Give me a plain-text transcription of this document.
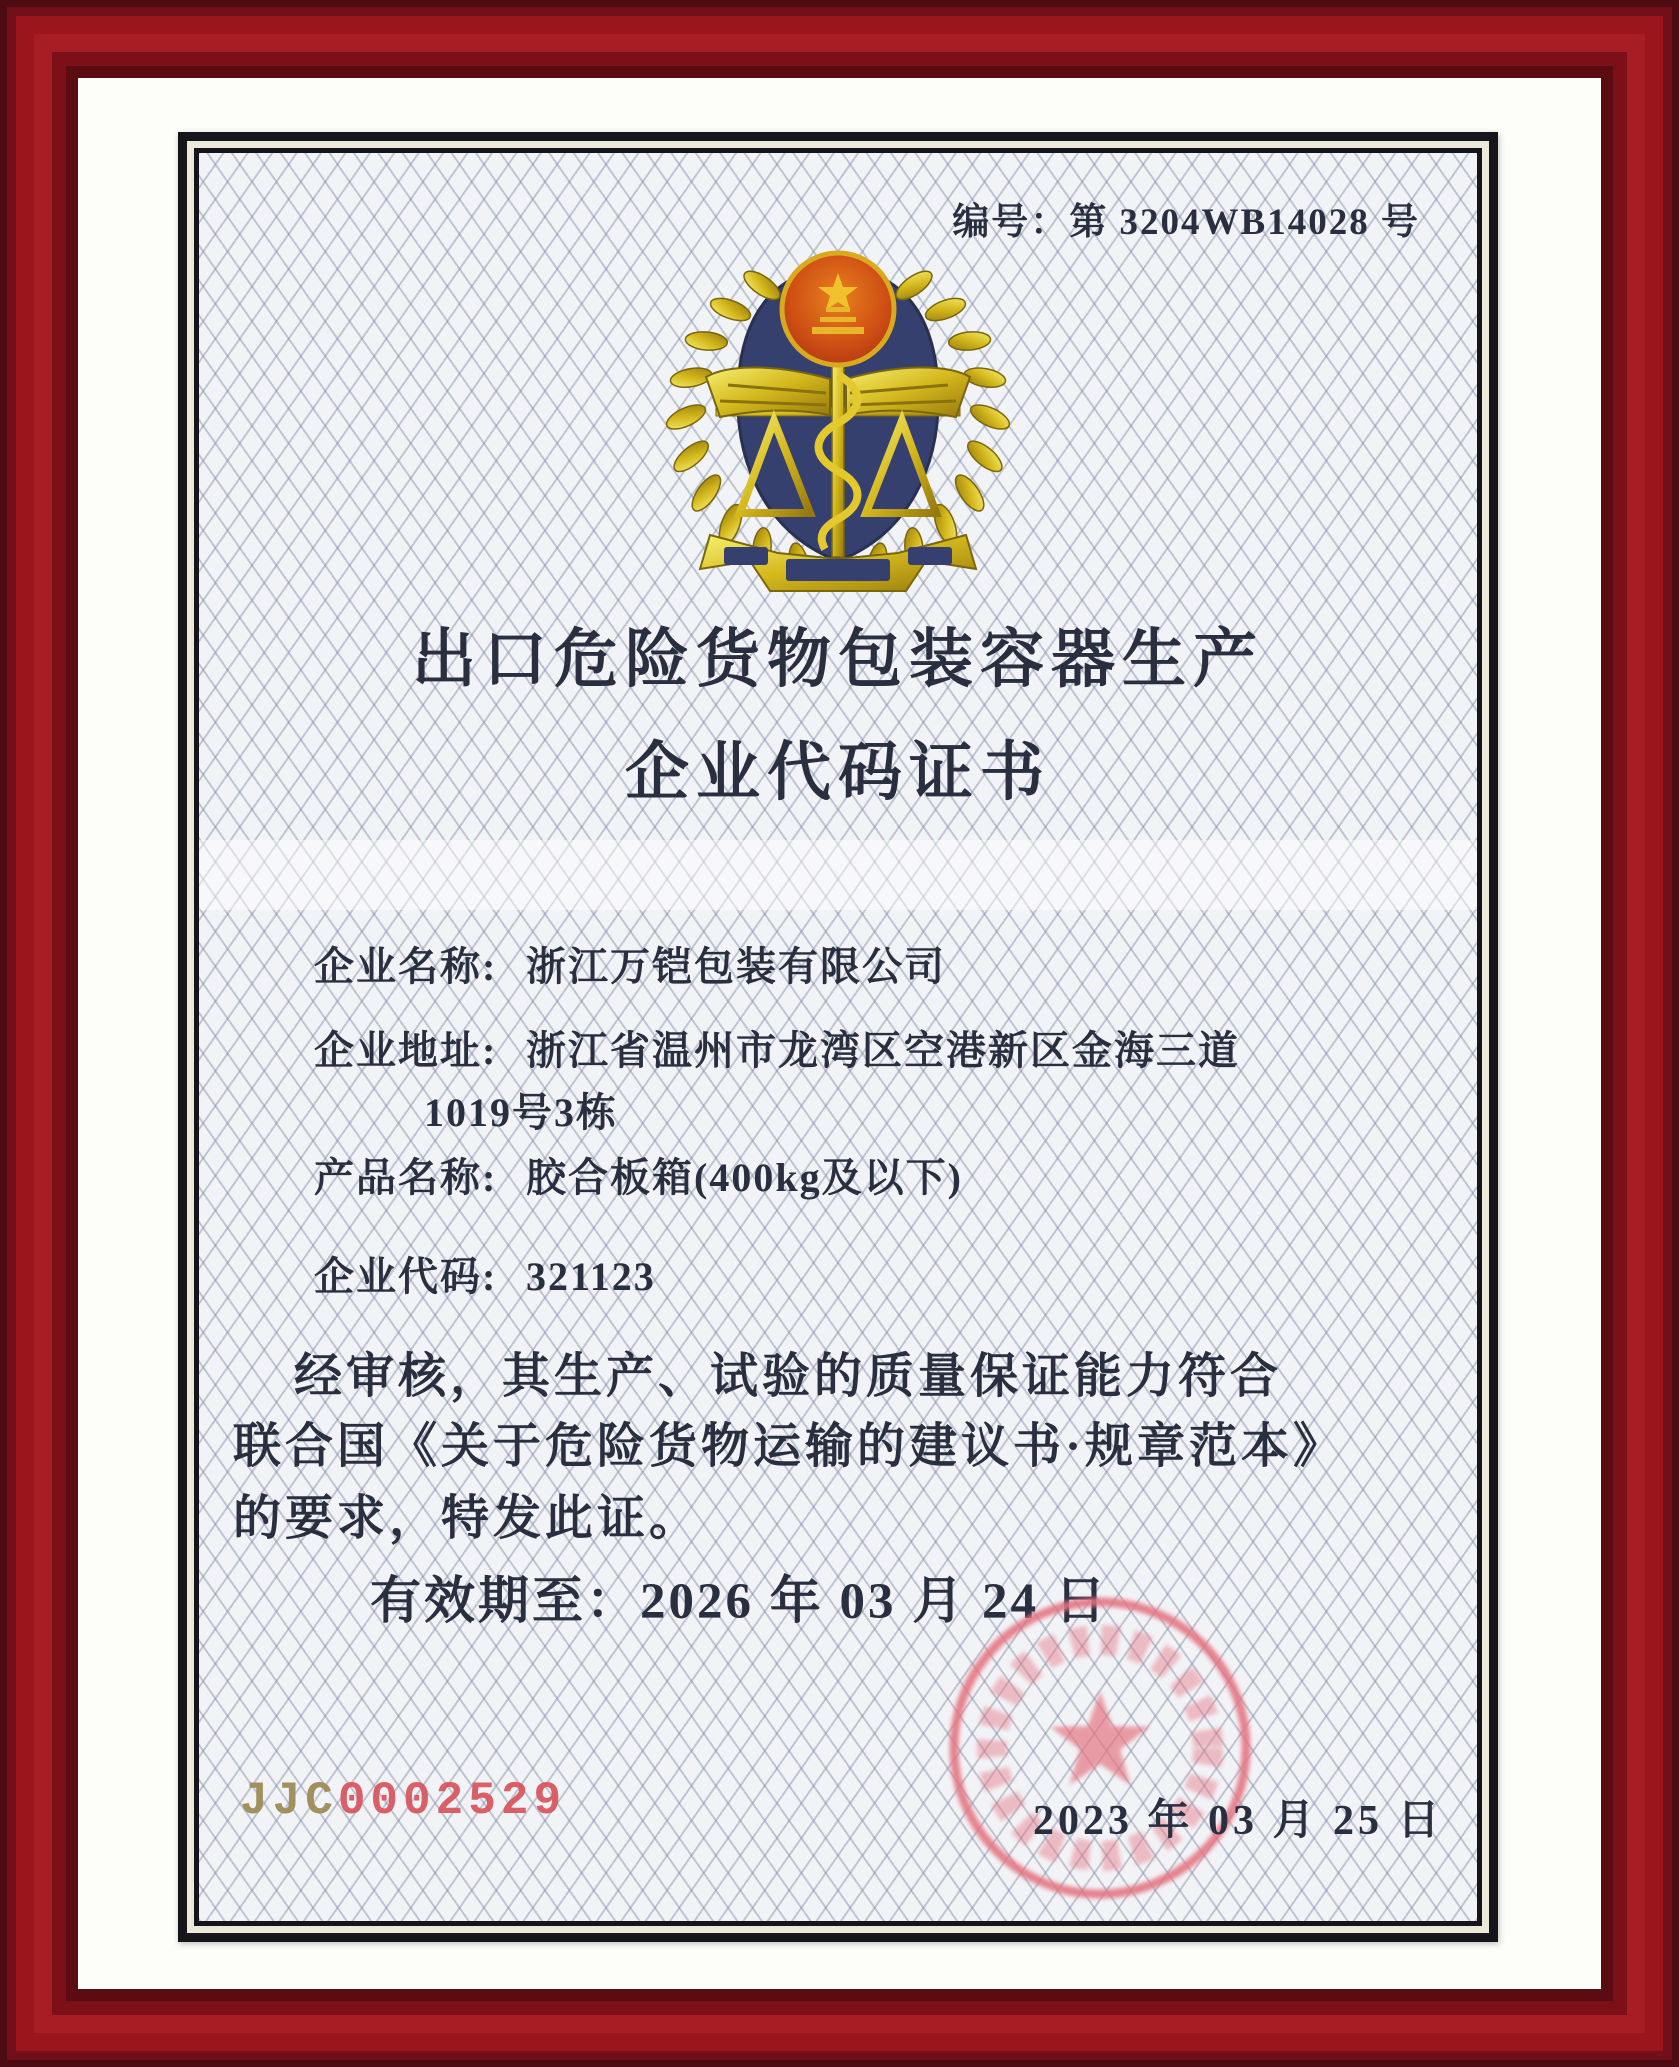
编号：第 3204WB14028 号
出口危险货物包装容器生产
企业代码证书
企业名称: 浙江万铠包装有限公司
企业地址: 浙江省温州市龙湾区空港新区金海三道
1019号3栋
产品名称: 胶合板箱(400kg及以下)
企业代码: 321123
经审核，其生产、试验的质量保证能力符合
联合国《关于危险货物运输的建议书·规章范本》
的要求，特发此证。
有效期至：2026 年 03 月 24 日
2023 年 03 月 25 日
JJC0002529
